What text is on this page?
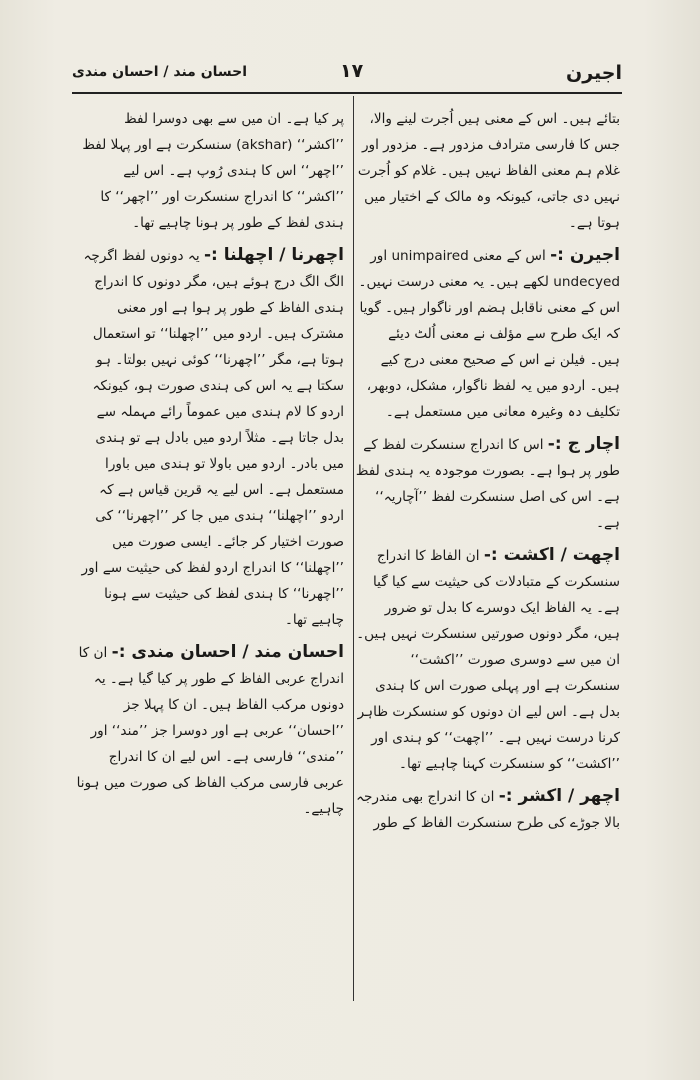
اجیرن
۱۷
احسان مند / احسان مندی

بتائے ہیں۔ اس کے معنی ہیں اُجرت لینے والا، جس کا فارسی مترادف مزدور ہے۔ مزدور اور غلام ہم معنی الفاظ نہیں ہیں۔ غلام کو اُجرت نہیں دی جاتی، کیونکہ وہ مالک کے اختیار میں ہوتا ہے۔

اجیرن :- اس کے معنی unimpaired اور undecyed لکھے ہیں۔ یہ معنی درست نہیں۔ اس کے معنی ناقابل ہضم اور ناگوار ہیں۔ گویا کہ ایک طرح سے مؤلف نے معنی اُلٹ دیئے ہیں۔ فیلن نے اس کے صحیح معنی درج کیے ہیں۔ اردو میں یہ لفظ ناگوار، مشکل، دوبھر، تکلیف دہ وغیرہ معانی میں مستعمل ہے۔

اچار ج :- اس کا اندراج سنسکرت لفظ کے طور پر ہوا ہے۔ بصورت موجودہ یہ ہندی لفظ ہے۔ اس کی اصل سنسکرت لفظ ’’آچاریہ‘‘ ہے۔

اچھت / اکشت :- ان الفاظ کا اندراج سنسکرت کے متبادلات کی حیثیت سے کیا گیا ہے۔ یہ الفاظ ایک دوسرے کا بدل تو ضرور ہیں، مگر دونوں صورتیں سنسکرت نہیں ہیں۔ ان میں سے دوسری صورت ’’اکشت‘‘ سنسکرت ہے اور پہلی صورت اس کا ہندی بدل ہے۔ اس لیے ان دونوں کو سنسکرت ظاہر کرنا درست نہیں ہے۔ ’’اچھت‘‘ کو ہندی اور ’’اکشت‘‘ کو سنسکرت کہنا چاہیے تھا۔

اچھر / اکشر :- ان کا اندراج بھی مندرجہ بالا جوڑے کی طرح سنسکرت الفاظ کے طور

پر کیا ہے۔ ان میں سے بھی دوسرا لفظ ’’اکشر‘‘ (akshar) سنسکرت ہے اور پہلا لفظ ’’اچھر‘‘ اس کا ہندی رُوپ ہے۔ اس لیے ’’اکشر‘‘ کا اندراج سنسکرت اور ’’اچھر‘‘ کا ہندی لفظ کے طور پر ہونا چاہیے تھا۔

اچھرنا / اچھلنا :- یہ دونوں لفظ اگرچہ الگ الگ درج ہوئے ہیں، مگر دونوں کا اندراج ہندی الفاظ کے طور پر ہوا ہے اور معنی مشترک ہیں۔ اردو میں ’’اچھلنا‘‘ تو استعمال ہوتا ہے، مگر ’’اچھرنا‘‘ کوئی نہیں بولتا۔ ہو سکتا ہے یہ اس کی ہندی صورت ہو، کیونکہ اردو کا لام ہندی میں عموماً رائے مہملہ سے بدل جاتا ہے۔ مثلاً اردو میں بادل ہے تو ہندی میں بادر۔ اردو میں باولا تو ہندی میں باورا مستعمل ہے۔ اس لیے یہ قرین قیاس ہے کہ اردو ’’اچھلنا‘‘ ہندی میں جا کر ’’اچھرنا‘‘ کی صورت اختیار کر جائے۔ ایسی صورت میں ’’اچھلنا‘‘ کا اندراج اردو لفظ کی حیثیت سے اور ’’اچھرنا‘‘ کا ہندی لفظ کی حیثیت سے ہونا چاہیے تھا۔

احسان مند / احسان مندی :- ان کا اندراج عربی الفاظ کے طور پر کیا گیا ہے۔ یہ دونوں مرکب الفاظ ہیں۔ ان کا پہلا جز ’’احسان‘‘ عربی ہے اور دوسرا جز ’’مند‘‘ اور ’’مندی‘‘ فارسی ہے۔ اس لیے ان کا اندراج عربی فارسی مرکب الفاظ کی صورت میں ہونا چاہیے۔
